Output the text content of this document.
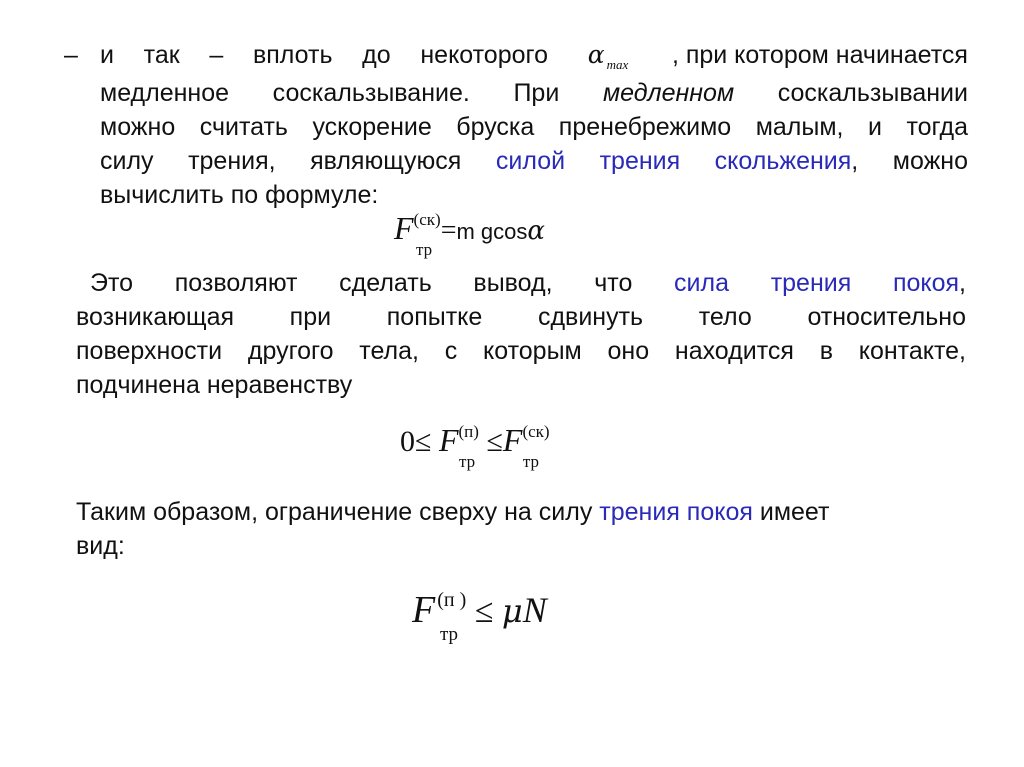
– и так – вплоть до некоторого α $_{max}$ , при котором начинается
медленное соскальзывание. При медленном соскальзывании
можно считать ускорение бруска пренебрежимо малым, и тогда
силу трения, являющуюся силой трения скольжения, можно
вычислить по формуле:
F(ск)
тр
=m gcosα
Это позволяют сделать вывод, что сила трения покоя,
возникающая при попытке сдвинуть тело относительно
поверхности другого тела, с которым оно находится в контакте,
подчинена неравенству
$0\le F^{(п)}$
тр
$\le F^{(ск)}$
тр
Таким образом, ограничение сверху на силу трения покоя имеет
вид:
F $^{(п )}$
тр
≤ μN
